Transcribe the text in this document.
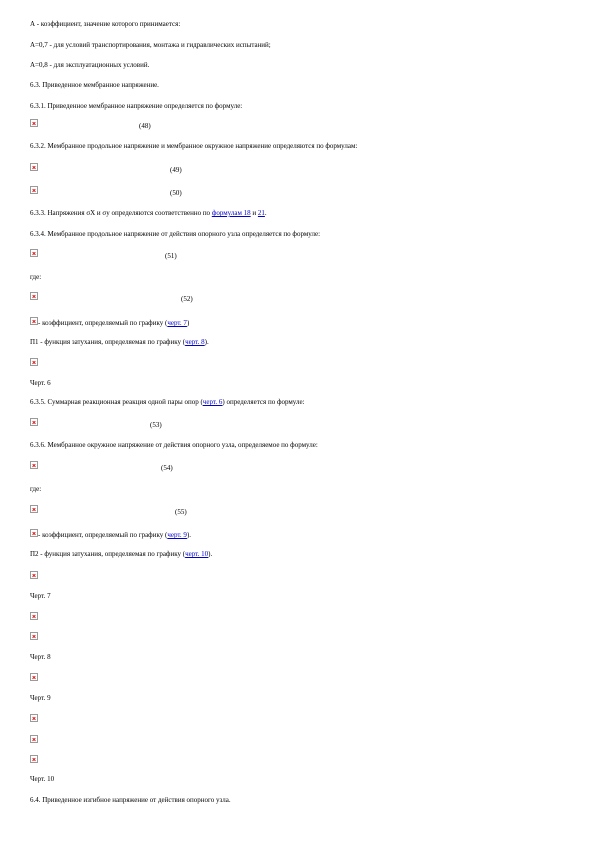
А - коэффициент, значение которого принимается:
А=0,7 - для условий транспортирования, монтажа и гидравлических испытаний;
А=0,8 - для эксплуатационных условий.
6.3. Приведенное мембранное напряжение.
6.3.1. Приведенное мембранное напряжение определяется по формуле:
(48)
6.3.2. Мембранное продольное напряжение и мембранное окружное напряжение определяются по формулам:
(49)
(50)
6.3.3. Напряжения σX и σy определяются соответственно по формулам 18 и 21.
6.3.4. Мембранное продольное напряжение от действия опорного узла определяется по формуле:
(51)
где:
(52)
- коэффициент, определяемый по графику (черт. 7)
Π1 - функция затухания, определяемая по графику (черт. 8).
Черт. 6
6.3.5. Суммарная реакционная реакция одной пары опор (черт. 6) определяется по формуле:
(53)
6.3.6. Мембранное окружное напряжение от действия опорного узла, определяемое по формуле:
(54)
где:
(55)
- коэффициент, определяемый по графику (черт. 9).
Π2 - функция затухания, определяемая по графику (черт. 10).
Черт. 7
Черт. 8
Черт. 9
Черт. 10
6.4. Приведенное изгибное напряжение от действия опорного узла.
